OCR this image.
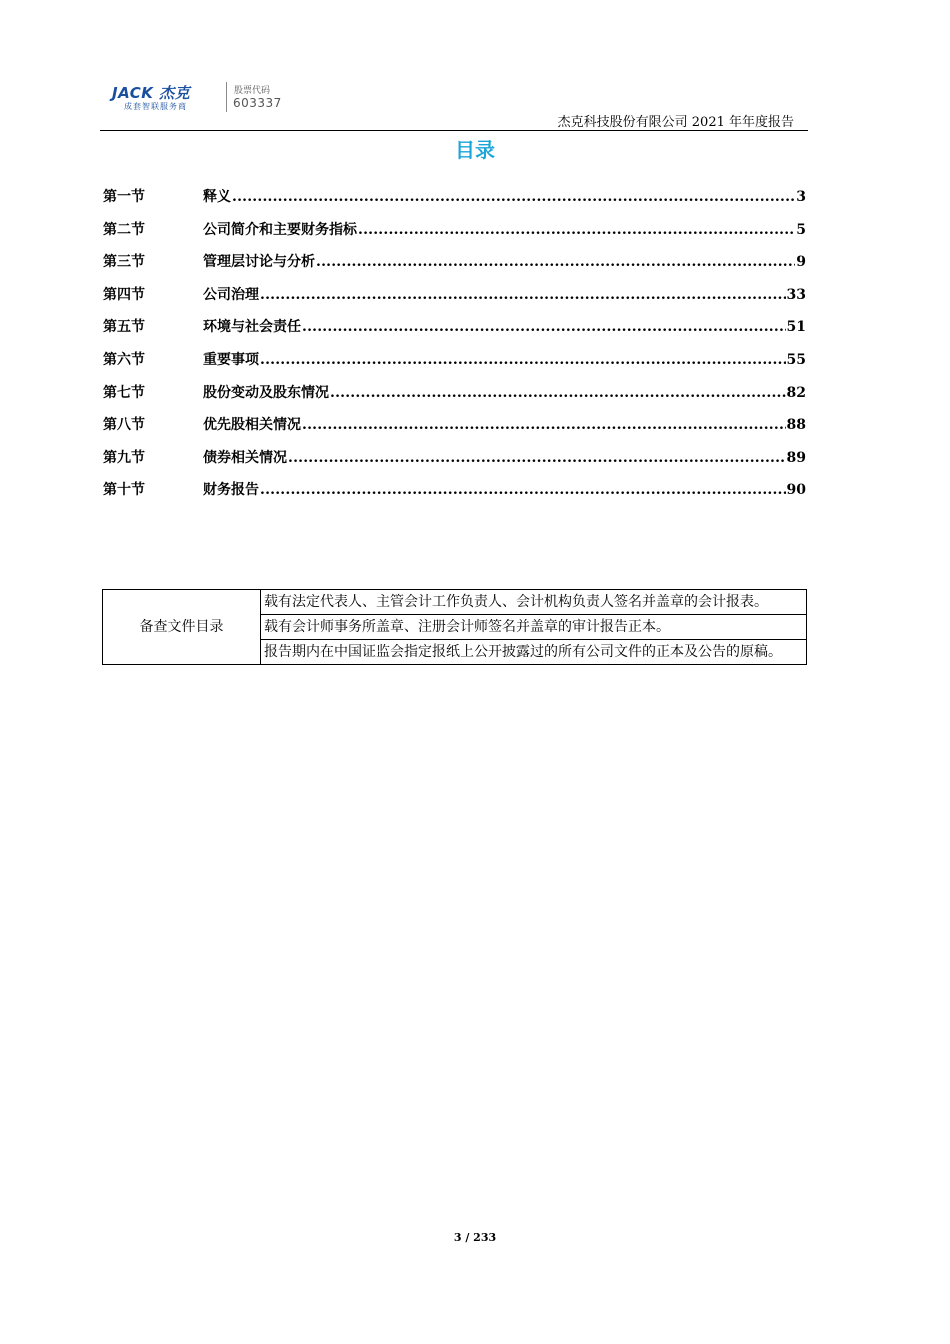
JACK 杰克
成套智联服务商
股票代码
603337
杰克科技股份有限公司 2021 年年度报告
目录
第一节	释义 .....	3
第二节	公司简介和主要财务指标 .....	5
第三节	管理层讨论与分析 .....	9
第四节	公司治理 .....	33
第五节	环境与社会责任 .....	51
第六节	重要事项 .....	55
第七节	股份变动及股东情况 .....	82
第八节	优先股相关情况 .....	88
第九节	债券相关情况 .....	89
第十节	财务报告 .....	90
备查文件目录	载有法定代表人、主管会计工作负责人、会计机构负责人签名并盖章的会计报表。
载有会计师事务所盖章、注册会计师签名并盖章的审计报告正本。
报告期内在中国证监会指定报纸上公开披露过的所有公司文件的正本及公告的原稿。
3 / 233
